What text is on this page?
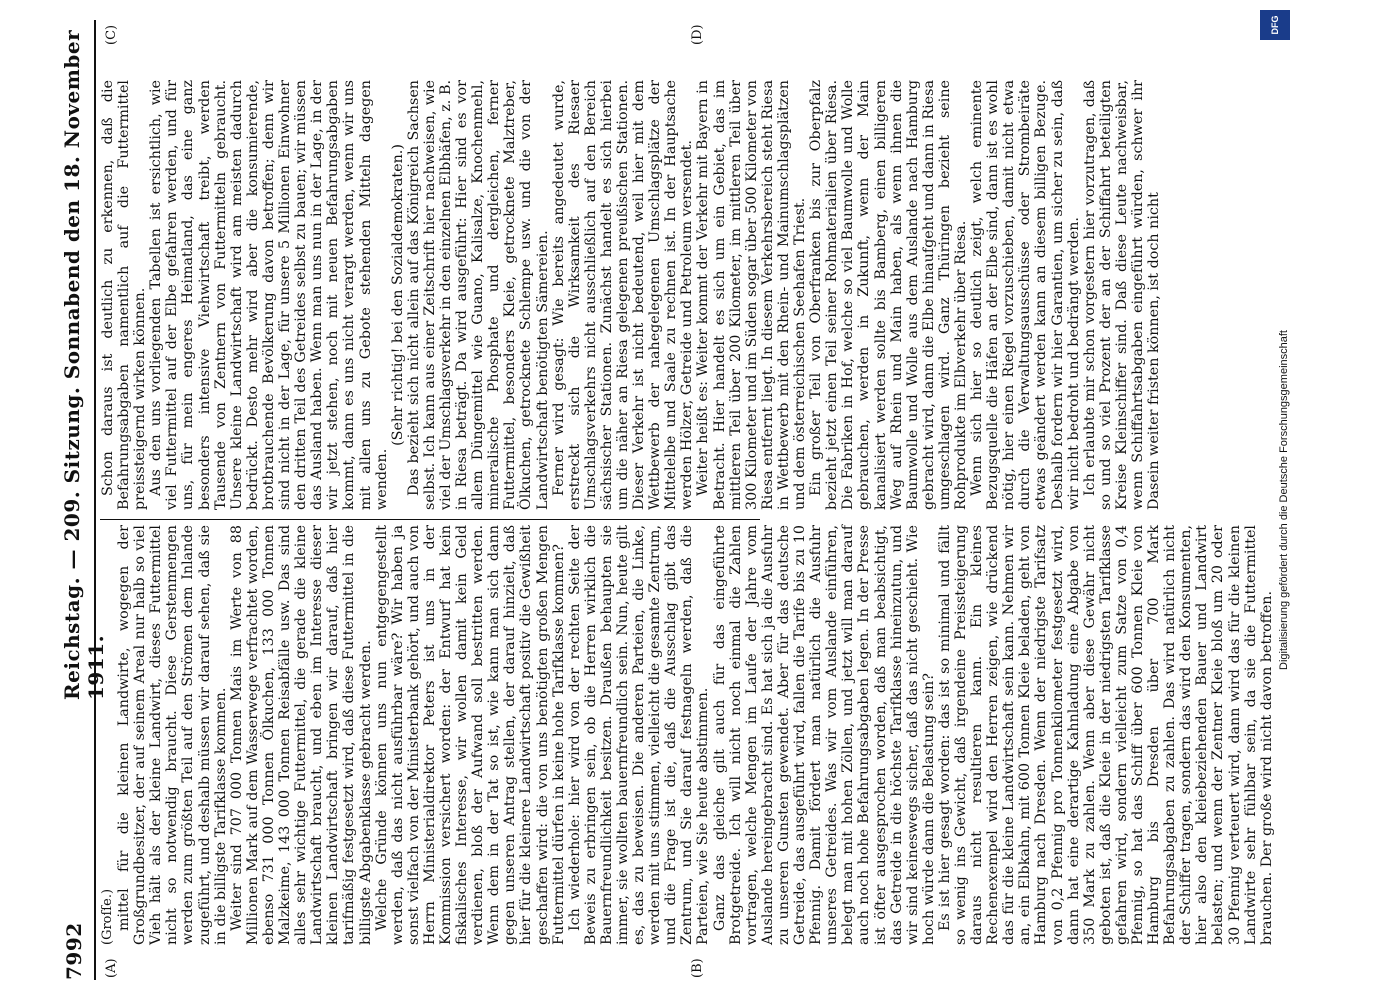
7992
Reichstag. — 209. Sitzung. Sonnabend den 18. November 1911.
(A)	(B)
(C)	(D)
(Groſſe.) mittel für die kleinen Landwirte, wogegen der Großgrundbesitzer, der auf seinem Areal nur halb so viel Vieh hält als der kleine Landwirt, dieses Futtermittel nicht so notwendig braucht. Diese Gerstenmengen werden zum größten Teil auf den Strömen dem Inlande zugeführt, und deshalb müssen wir darauf sehen, daß sie in die billigste Tarifklasse kommen. Weiter sind 707 000 Tonnen Mais im Werte von 88 Millionen Mark auf dem Wasserwege verfrachtet worden, ebenso 731 000 Tonnen Ölkuchen, 133 000 Tonnen Malzkeime, 143 000 Tonnen Reisabfälle usw. Das sind alles sehr wichtige Futtermittel, die gerade die kleine Landwirtschaft braucht, und eben im Interesse dieser kleinen Landwirtschaft bringen wir darauf, daß hier tarifmäßig festgesetzt wird, daß diese Futtermittel in die billigste Abgabenklasse gebracht werden. Welche Gründe können uns nun entgegengestellt werden, daß das nicht ausführbar wäre? Wir haben ja sonst vielfach von der Ministerbank gehört, und auch von Herrn Ministerialdirektor Peters ist uns in der Kommission versichert worden: der Entwurf hat kein fiskalisches Interesse, wir wollen damit kein Geld verdienen, bloß der Aufwand soll bestritten werden. Wenn dem in der Tat so ist, wie kann man sich dann gegen unseren Antrag stellen, der darauf hinzielt, daß hier für die kleinere Landwirtschaft positiv die Gewißheit geschaffen wird: die von uns benötigten großen Mengen Futtermittel dürfen in keine hohe Tarifklasse kommen? Ich wiederhole: hier wird von der rechten Seite der Beweis zu erbringen sein, ob die Herren wirklich die Bauernfreundlichkeit besitzen. Draußen behaupten sie immer, sie wollten bauernfreundlich sein. Nun, heute gilt es, das zu beweisen. Die anderen Parteien, die Linke, werden mit uns stimmen, vielleicht die gesamte Zentrum, und die Frage ist die, daß die Ausschlag gibt das Zentrum, und Sie darauf festnageln werden, daß die Parteien, wie Sie heute abstimmen. Ganz das gleiche gilt auch für das eingeführte Brotgetreide. Ich will nicht noch einmal die Zahlen vortragen, welche Mengen im Laufe der Jahre vom Auslande hereingebracht sind. Es hat sich ja die Ausfuhr zu unseren Gunsten gewendet. Aber für das deutsche Getreide, das ausgeführt wird, fallen die Tarife bis zu 10 Pfennig. Damit fördert man natürlich die Ausfuhr unseres Getreides. Was wir vom Auslande einführen, belegt man mit hohen Zöllen, und jetzt will man darauf auch noch hohe Befahrungsabgaben legen. In der Presse ist öfter ausgesprochen worden, daß man beabsichtigt, das Getreide in die höchste Tarifklasse hineinzutun, und wir sind keineswegs sicher, daß das nicht geschieht. Wie hoch würde dann die Belastung sein? Es ist hier gesagt worden: das ist so minimal und fällt so wenig ins Gewicht, daß irgendeine Preissteigerung daraus nicht resultieren kann. Ein kleines Rechenexempel wird den Herren zeigen, wie drückend das für die kleine Landwirtschaft sein kann. Nehmen wir an, ein Elbkahn, mit 600 Tonnen Kleie beladen, geht von Hamburg nach Dresden. Wenn der niedrigste Tarifsatz von 0,2 Pfennig pro Tonnenkilometer festgesetzt wird, dann hat eine derartige Kahnladung eine Abgabe von 350 Mark zu zahlen. Wenn aber diese Gewähr nicht geboten ist, daß die Kleie in der niedrigsten Tarifklasse gefahren wird, sondern vielleicht zum Satze von 0,4 Pfennig, so hat das Schiff über 600 Tonnen Kleie von Hamburg bis Dresden über 700 Mark Befahrungsabgaben zu zahlen. Das wird natürlich nicht der Schiffer tragen, sondern das wird den Konsumenten, hier also den kleiebeziehenden Bauer und Landwirt belasten; und wenn der Zentner Kleie bloß um 20 oder 30 Pfennig verteuert wird, dann wird das für die kleinen Landwirte sehr fühlbar sein, da sie die Futtermittel brauchen. Der große wird nicht davon betroffen.

Schon daraus ist deutlich zu erkennen, daß die Befahrungsabgaben namentlich auf die Futtermittel preissteigernd wirken können. Aus den uns vorliegenden Tabellen ist ersichtlich, wie viel Futtermittel auf der Elbe gefahren werden, und für uns, für mein engeres Heimatland, das eine ganz besonders intensive Viehwirtschaft treibt, werden Tausende von Zentnern von Futtermitteln gebraucht. Unsere kleine Landwirtschaft wird am meisten dadurch bedrückt. Desto mehr wird aber die konsumierende, brotbrauchende Bevölkerung davon betroffen; denn wir sind nicht in der Lage, für unsere 5 Millionen Einwohner den dritten Teil des Getreides selbst zu bauen; wir müssen das Ausland haben. Wenn man uns nun in der Lage, in der wir jetzt stehen, noch mit neuen Befahrungsabgaben kommt, dann es uns nicht verargt werden, wenn wir uns mit allen uns zu Gebote stehenden Mitteln dagegen wenden.

(Sehr richtig! bei den Sozialdemokraten.) Das bezieht sich nicht allein auf das Königreich Sachsen selbst. Ich kann aus einer Zeitschrift hier nachweisen, wie viel der Umschlagsverkehr in den einzelnen Elbhäfen, z. B. in Riesa beträgt. Da wird ausgeführt: Hier sind es vor allem Düngemittel wie Guano, Kalisalze, Knochenmehl, mineralische Phosphate und dergleichen, ferner Futtermittel, besonders Kleie, getrocknete Malztreber, Ölkuchen, getrocknete Schlempe usw. und die von der Landwirtschaft benötigten Sämereien. Ferner wird gesagt: Wie bereits angedeutet wurde, erstreckt sich die Wirksamkeit des Riesaer Umschlagsverkehrs nicht ausschließlich auf den Bereich sächsischer Stationen. Zunächst handelt es sich hierbei um die näher an Riesa gelegenen preußischen Stationen. Dieser Verkehr ist nicht bedeutend, weil hier mit dem Wettbewerb der nahegelegenen Umschlagsplätze der Mittelelbe und Saale zu rechnen ist. In der Hauptsache werden Hölzer, Getreide und Petroleum versendet. Weiter heißt es: Weiter kommt der Verkehr mit Bayern in Betracht. Hier handelt es sich um ein Gebiet, das im mittleren Teil über 200 Kilometer, im mittleren Teil über 300 Kilometer und im Süden sogar über 500 Kilometer von Riesa entfernt liegt. In diesem Verkehrsbereich steht Riesa in Wettbewerb mit den Rhein- und Mainumschlagsplätzen und dem österreichischen Seehafen Triest. Ein großer Teil von Oberfranken bis zur Oberpfalz bezieht jetzt einen Teil seiner Rohmaterialien über Riesa. Die Fabriken in Hof, welche so viel Baumwolle und Wolle gebrauchen, werden in Zukunft, wenn der Main kanalisiert werden sollte bis Bamberg, einen billigeren Weg auf Rhein und Main haben, als wenn ihnen die Baumwolle und Wolle aus dem Auslande nach Hamburg gebracht wird, dann die Elbe hinaufgeht und dann in Riesa umgeschlagen wird. Ganz Thüringen bezieht seine Rohprodukte im Elbverkehr über Riesa. Wenn sich hier so deutlich zeigt, welch eminente Bezugsquelle die Häfen an der Elbe sind, dann ist es wohl nötig, hier einen Riegel vorzuschieben, damit nicht etwa durch die Verwaltungsausschüsse oder Strombeiräte etwas geändert werden kann an diesem billigen Bezuge. Deshalb fordern wir hier Garantien, um sicher zu sein, daß wir nicht bedroht und bedrängt werden. Ich erlaubte mir schon vorgestern hier vorzutragen, daß so und so viel Prozent der an der Schiffahrt beteiligten Kreise Kleinschiffer sind. Daß diese Leute nachweisbar, wenn Schiffahrtsabgaben eingeführt würden, schwer ihr Dasein weiter fristen können, ist doch nicht	Digitalisierung gefördert durch die Deutsche Forschungsgemeinschaft
DFG
